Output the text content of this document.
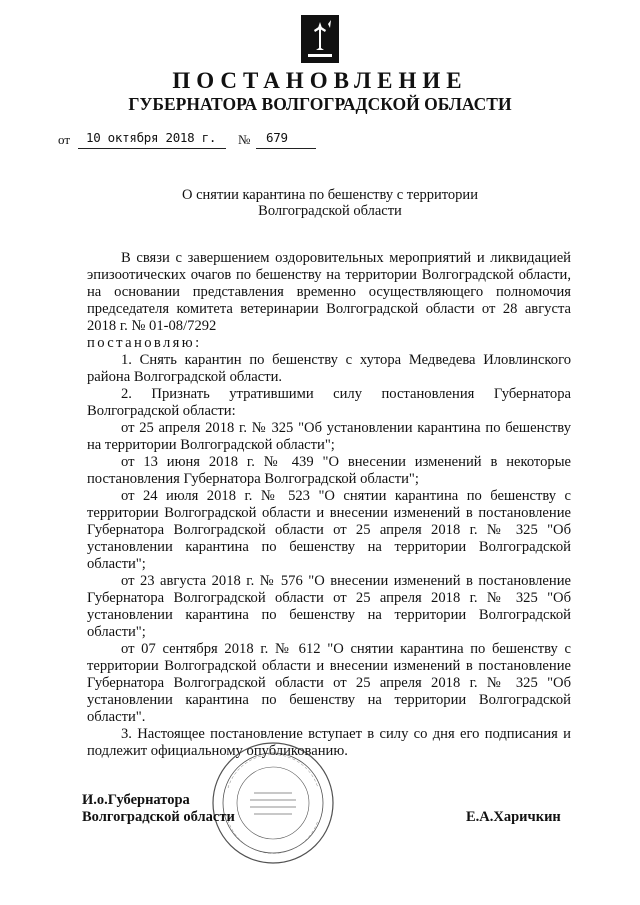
ПОСТАНОВЛЕНИЕ
ГУБЕРНАТОРА ВОЛГОГРАДСКОЙ ОБЛАСТИ
от 10 октября 2018 г. № 679
О снятии карантина по бешенству с территории
Волгоградской области

В связи с завершением оздоровительных мероприятий и ликвидацией эпизоотических очагов по бешенству на территории Волгоградской области, на основании представления временно осуществляющего полномочия председателя комитета ветеринарии Волгоградской области от 28 августа 2018 г. № 01-08/7292

постановляю:

1. Снять карантин по бешенству с хутора Медведева Иловлинского района Волгоградской области.

2. Признать утратившими силу постановления Губернатора Волгоградской области:

от 25 апреля 2018 г. № 325 "Об установлении карантина по бешенству на территории Волгоградской области";

от 13 июня 2018 г. № 439 "О внесении изменений в некоторые постановления Губернатора Волгоградской области";

от 24 июля 2018 г. № 523 "О снятии карантина по бешенству с территории Волгоградской области и внесении изменений в постановление Губернатора Волгоградской области от 25 апреля 2018 г. № 325 "Об установлении карантина по бешенству на территории Волгоградской области";

от 23 августа 2018 г. № 576 "О внесении изменений в постановление Губернатора Волгоградской области от 25 апреля 2018 г. № 325 "Об установлении карантина по бешенству на территории Волгоградской области";

от 07 сентября 2018 г. № 612 "О снятии карантина по бешенству с территории Волгоградской области и внесении изменений в постановление Губернатора Волгоградской области от 25 апреля 2018 г. № 325 "Об установлении карантина по бешенству на территории Волгоградской области".

3. Настоящее постановление вступает в силу со дня его подписания и подлежит официальному опубликованию.

И.о.Губернатора
Волгоградской области	Е.А.Харичкин
